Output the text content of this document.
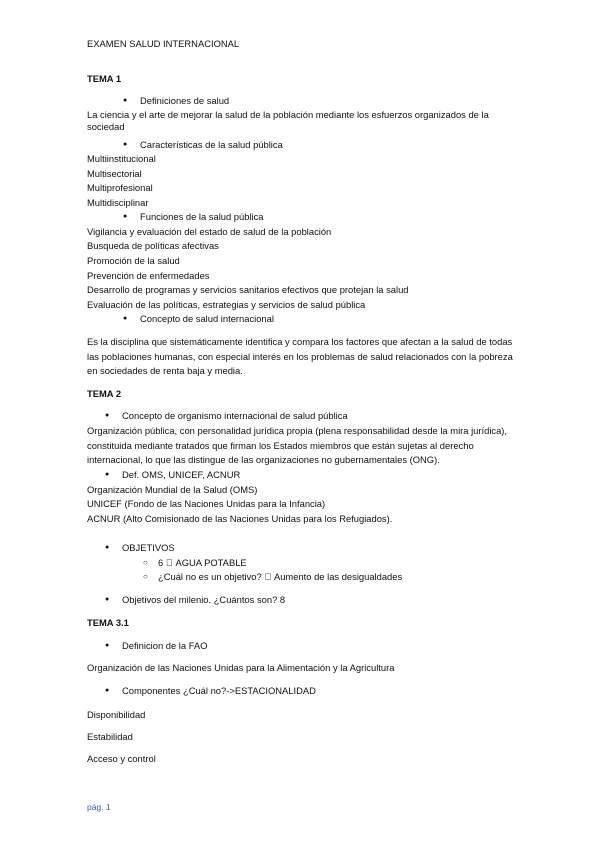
EXAMEN SALUD INTERNACIONAL
TEMA 1
● Definiciones de salud
La ciencia y el arte de mejorar la salud de la población mediante los esfuerzos organizados de la sociedad
● Características de la salud pública
Multiinstitucional
Multisectorial
Multiprofesional
Multidisciplinar
● Funciones de la salud pública
Vigilancia y evaluación del estado de salud de la población
Busqueda de políticas afectivas
Promoción de la salud
Prevención de enfermedades
Desarrollo de programas y servicios sanitarios efectivos que protejan la salud
Evaluación de las políticas, estrategias y servicios de salud pública
● Concepto de salud internacional
Es la disciplina que sistemáticamente identifica y compara los factores que afectan a la salud de todas las poblaciones humanas, con especial interés en los problemas de salud relacionados con la pobreza en sociedades de renta baja y media.
TEMA 2
● Concepto de organismo internacional de salud pública
Organización pública, con personalidad jurídica propia (plena responsabilidad desde la mira jurídica), constituida mediante tratados que firman los Estados miembros que están sujetas al derecho internacional, lo que las distingue de las organizaciones no gubernamentales (ONG).
● Def. OMS, UNICEF, ACNUR
Organización Mundial de la Salud (OMS)
UNICEF (Fondo de las Naciones Unidas para la Infancia)
ACNUR (Alto Comisionado de las Naciones Unidas para los Refugiados).
● OBJETIVOS
○ 6 AGUA POTABLE
○ ¿Cuál no es un objetivo? Aumento de las desigualdades
● Objetivos del milenio. ¿Cuántos son? 8
TEMA 3.1
● Definicion de la FAO
Organización de las Naciones Unidas para la Alimentación y la Agricultura
● Componentes ¿Cuál no?->ESTACIONALIDAD
Disponibilidad
Estabilidad
Acceso y control
pág. 1
